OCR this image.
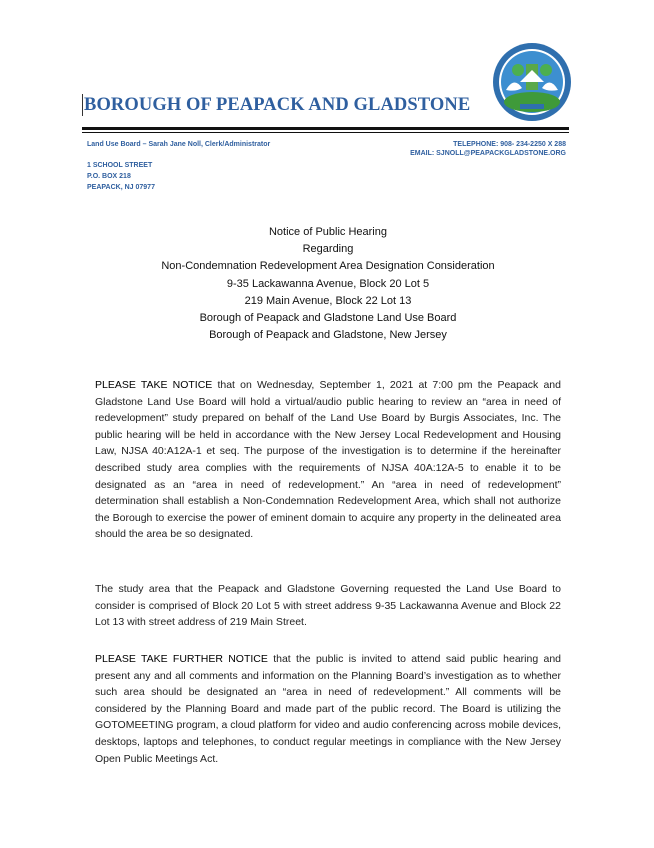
BOROUGH OF PEAPACK AND GLADSTONE
Land Use Board – Sarah Jane Noll, Clerk/Administrator	TELEPHONE: 908- 234-2250 X 288
EMAIL: SJNOLL@PEAPACKGLADSTONE.ORG
1 SCHOOL STREET
P.O. BOX 218
PEAPACK, NJ 07977
Notice of Public Hearing
Regarding
Non-Condemnation Redevelopment Area Designation Consideration
9-35 Lackawanna Avenue, Block 20 Lot 5
219 Main Avenue, Block 22 Lot 13
Borough of Peapack and Gladstone Land Use Board
Borough of Peapack and Gladstone, New Jersey
PLEASE TAKE NOTICE that on Wednesday, September 1, 2021 at 7:00 pm the Peapack and Gladstone Land Use Board will hold a virtual/audio public hearing to review an “area in need of redevelopment” study prepared on behalf of the Land Use Board by Burgis Associates, Inc. The public hearing will be held in accordance with the New Jersey Local Redevelopment and Housing Law, NJSA 40:A12A-1 et seq. The purpose of the investigation is to determine if the hereinafter described study area complies with the requirements of NJSA 40A:12A-5 to enable it to be designated as an “area in need of redevelopment.” An “area in need of redevelopment” determination shall establish a Non-Condemnation Redevelopment Area, which shall not authorize the Borough to exercise the power of eminent domain to acquire any property in the delineated area should the area be so designated.
The study area that the Peapack and Gladstone Governing requested the Land Use Board to consider is comprised of Block 20 Lot 5 with street address 9-35 Lackawanna Avenue and Block 22 Lot 13 with street address of 219 Main Street.
PLEASE TAKE FURTHER NOTICE that the public is invited to attend said public hearing and present any and all comments and information on the Planning Board’s investigation as to whether such area should be designated an “area in need of redevelopment.” All comments will be considered by the Planning Board and made part of the public record. The Board is utilizing the GOTOMEETING program, a cloud platform for video and audio conferencing across mobile devices, desktops, laptops and telephones, to conduct regular meetings in compliance with the New Jersey Open Public Meetings Act.
